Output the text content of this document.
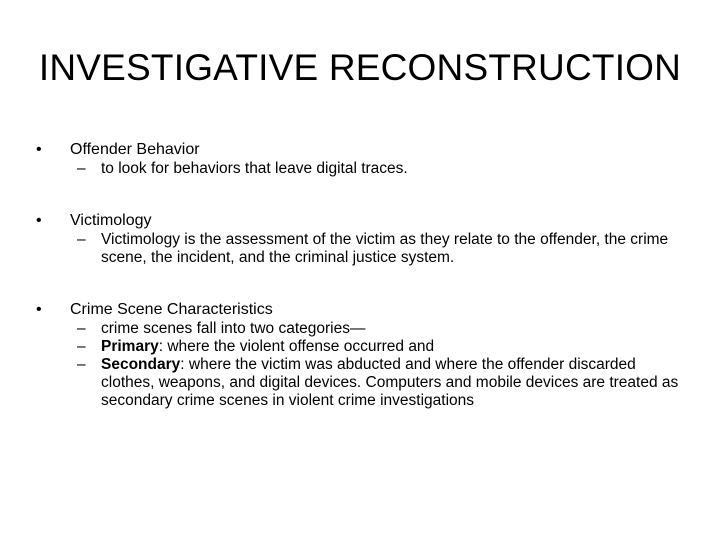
INVESTIGATIVE RECONSTRUCTION
•	Offender Behavior
– to look for behaviors that leave digital traces.
•	Victimology
– Victimology is the assessment of the victim as they relate to the offender, the crime scene, the incident, and the criminal justice system.
•	Crime Scene Characteristics
– crime scenes fall into two categories—
– Primary: where the violent offense occurred and
– Secondary: where the victim was abducted and where the offender discarded clothes, weapons, and digital devices. Computers and mobile devices are treated as secondary crime scenes in violent crime investigations
